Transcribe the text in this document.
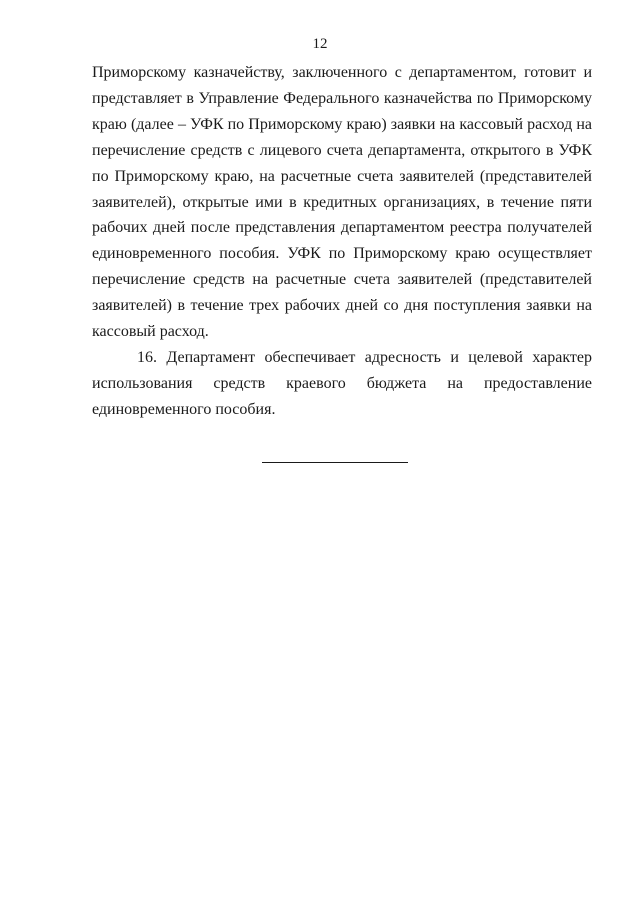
12

Приморскому казначейству, заключенного с департаментом, готовит и представляет в Управление Федерального казначейства по Приморскому краю (далее – УФК по Приморскому краю) заявки на кассовый расход на перечисление средств с лицевого счета департамента, открытого в УФК по Приморскому краю, на расчетные счета заявителей (представителей заявителей), открытые ими в кредитных организациях, в течение пяти рабочих дней после представления департаментом реестра получателей единовременного пособия. УФК по Приморскому краю осуществляет перечисление средств на расчетные счета заявителей (представителей заявителей) в течение трех рабочих дней со дня поступления заявки на кассовый расход.

16. Департамент обеспечивает адресность и целевой характер использования средств краевого бюджета на предоставление единовременного пособия.
